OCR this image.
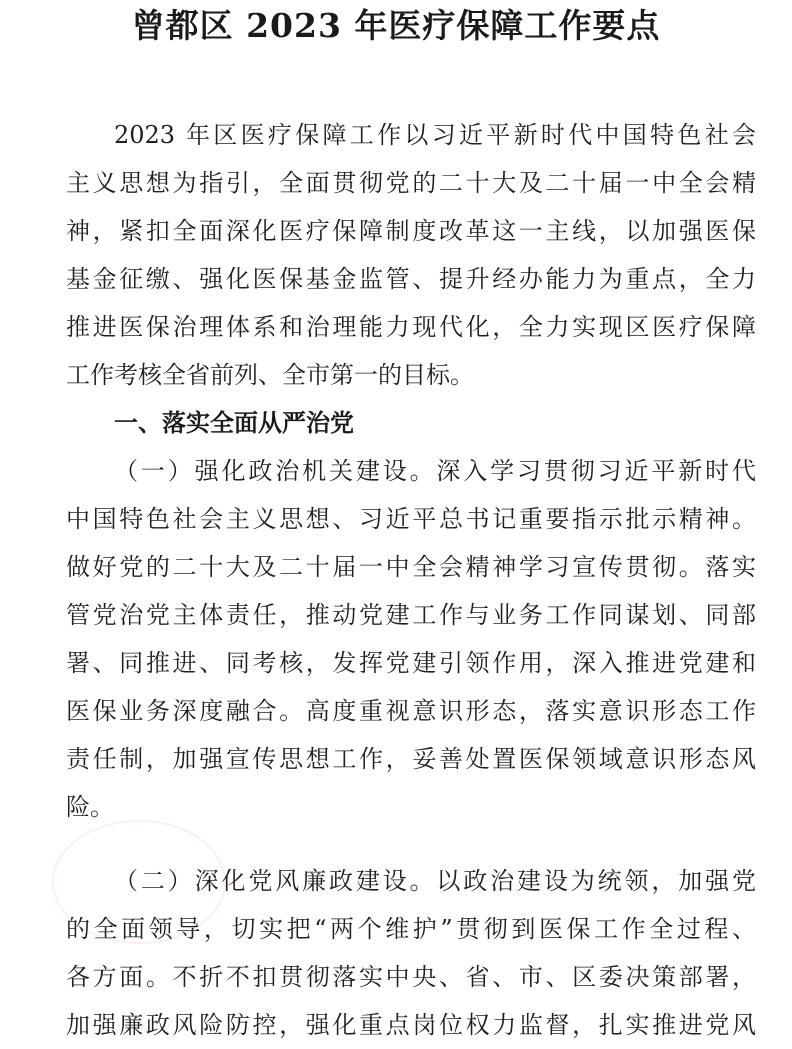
曾都区 2023 年医疗保障工作要点
2023 年区医疗保障工作以习近平新时代中国特色社会
主义思想为指引，全面贯彻党的二十大及二十届一中全会精
神，紧扣全面深化医疗保障制度改革这一主线，以加强医保
基金征缴、强化医保基金监管、提升经办能力为重点，全力
推进医保治理体系和治理能力现代化，全力实现区医疗保障
工作考核全省前列、全市第一的目标。
一、落实全面从严治党
（一）强化政治机关建设。深入学习贯彻习近平新时代
中国特色社会主义思想、习近平总书记重要指示批示精神。
做好党的二十大及二十届一中全会精神学习宣传贯彻。落实
管党治党主体责任，推动党建工作与业务工作同谋划、同部
署、同推进、同考核，发挥党建引领作用，深入推进党建和
医保业务深度融合。高度重视意识形态，落实意识形态工作
责任制，加强宣传思想工作，妥善处置医保领域意识形态风
险。
（二）深化党风廉政建设。以政治建设为统领，加强党
的全面领导，切实把“两个维护”贯彻到医保工作全过程、
各方面。不折不扣贯彻落实中央、省、市、区委决策部署，
加强廉政风险防控，强化重点岗位权力监督，扎实推进党风
